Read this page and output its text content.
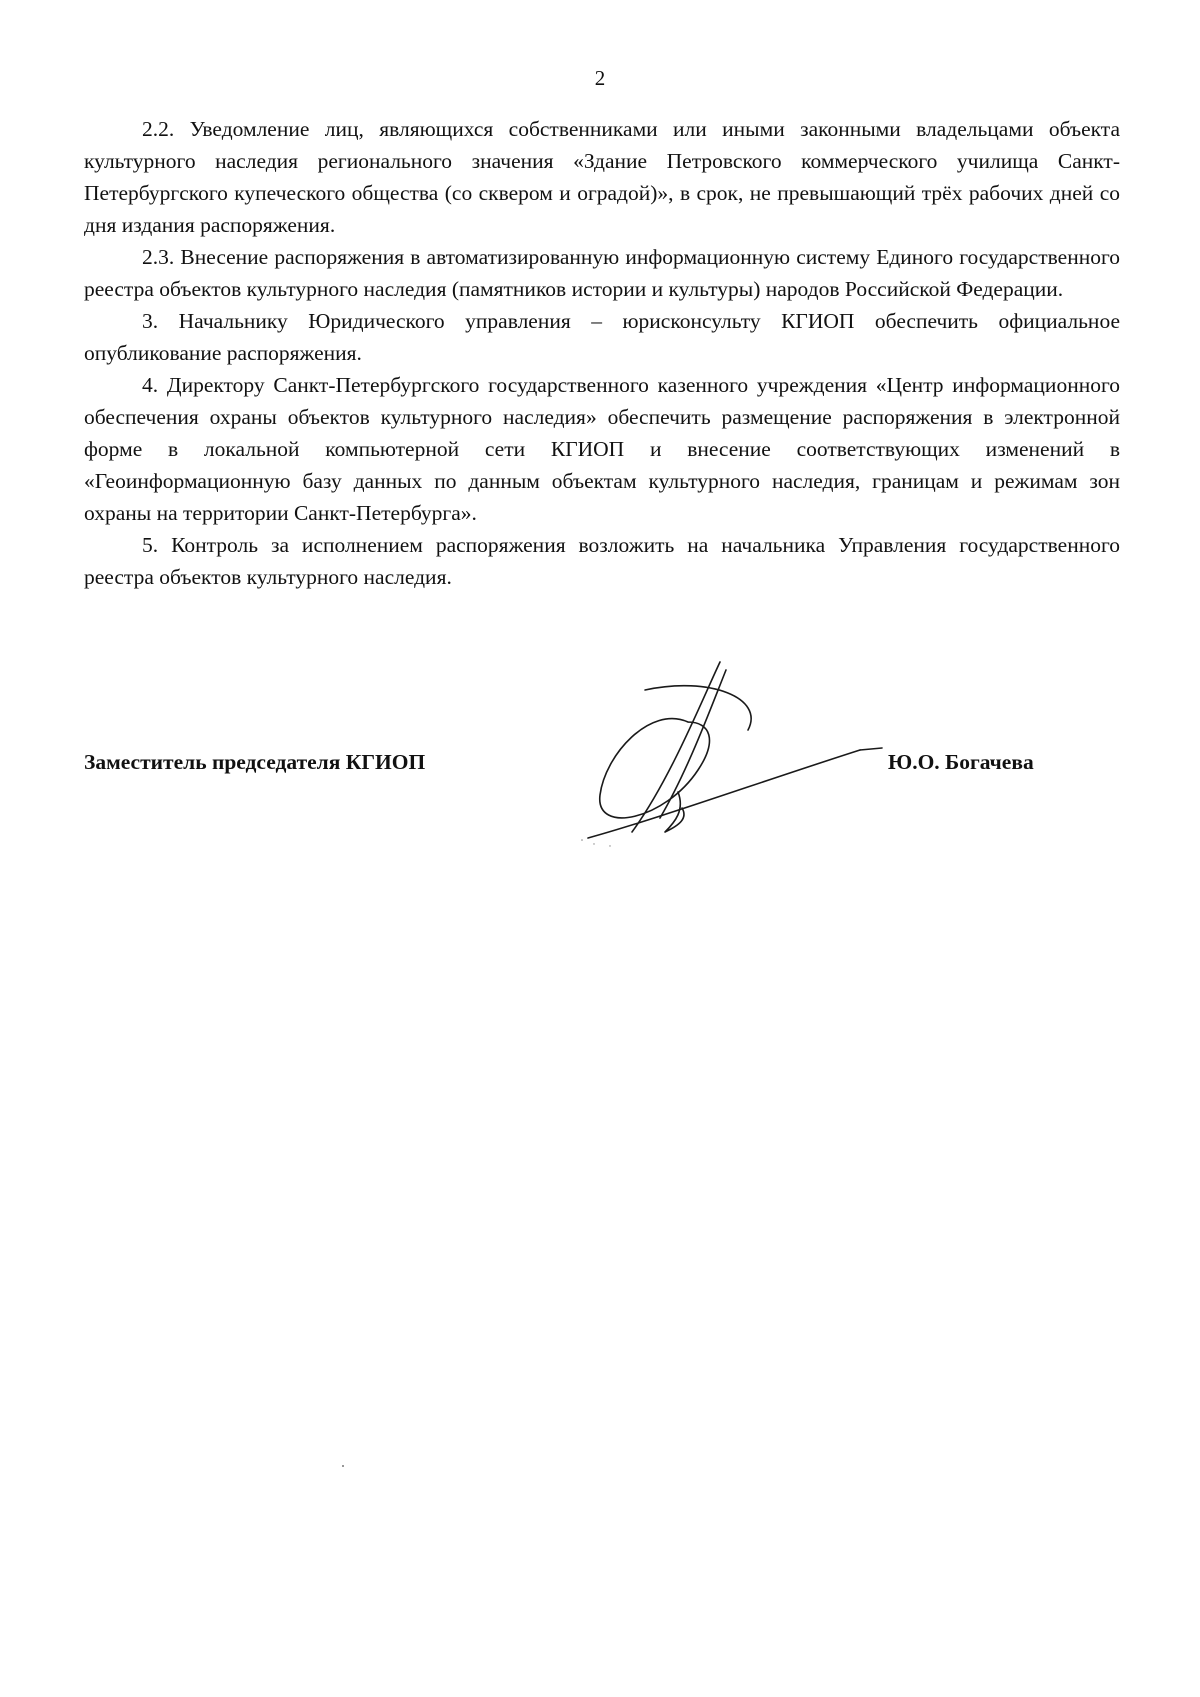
2

2.2. Уведомление лиц, являющихся собственниками или иными законными владельцами объекта культурного наследия регионального значения «Здание Петровского коммерческого училища Санкт-Петербургского купеческого общества (со сквером и оградой)», в срок, не превышающий трёх рабочих дней со дня издания распоряжения.

2.3. Внесение распоряжения в автоматизированную информационную систему Единого государственного реестра объектов культурного наследия (памятников истории и культуры) народов Российской Федерации.

3. Начальнику Юридического управления – юрисконсульту КГИОП обеспечить официальное опубликование распоряжения.

4. Директору Санкт-Петербургского государственного казенного учреждения «Центр информационного обеспечения охраны объектов культурного наследия» обеспечить размещение распоряжения в электронной форме в локальной компьютерной сети КГИОП и внесение соответствующих изменений в «Геоинформационную базу данных по данным объектам культурного наследия, границам и режимам зон охраны на территории Санкт-Петербурга».

5. Контроль за исполнением распоряжения возложить на начальника Управления государственного реестра объектов культурного наследия.

Заместитель председателя КГИОП	Ю.О. Богачева
